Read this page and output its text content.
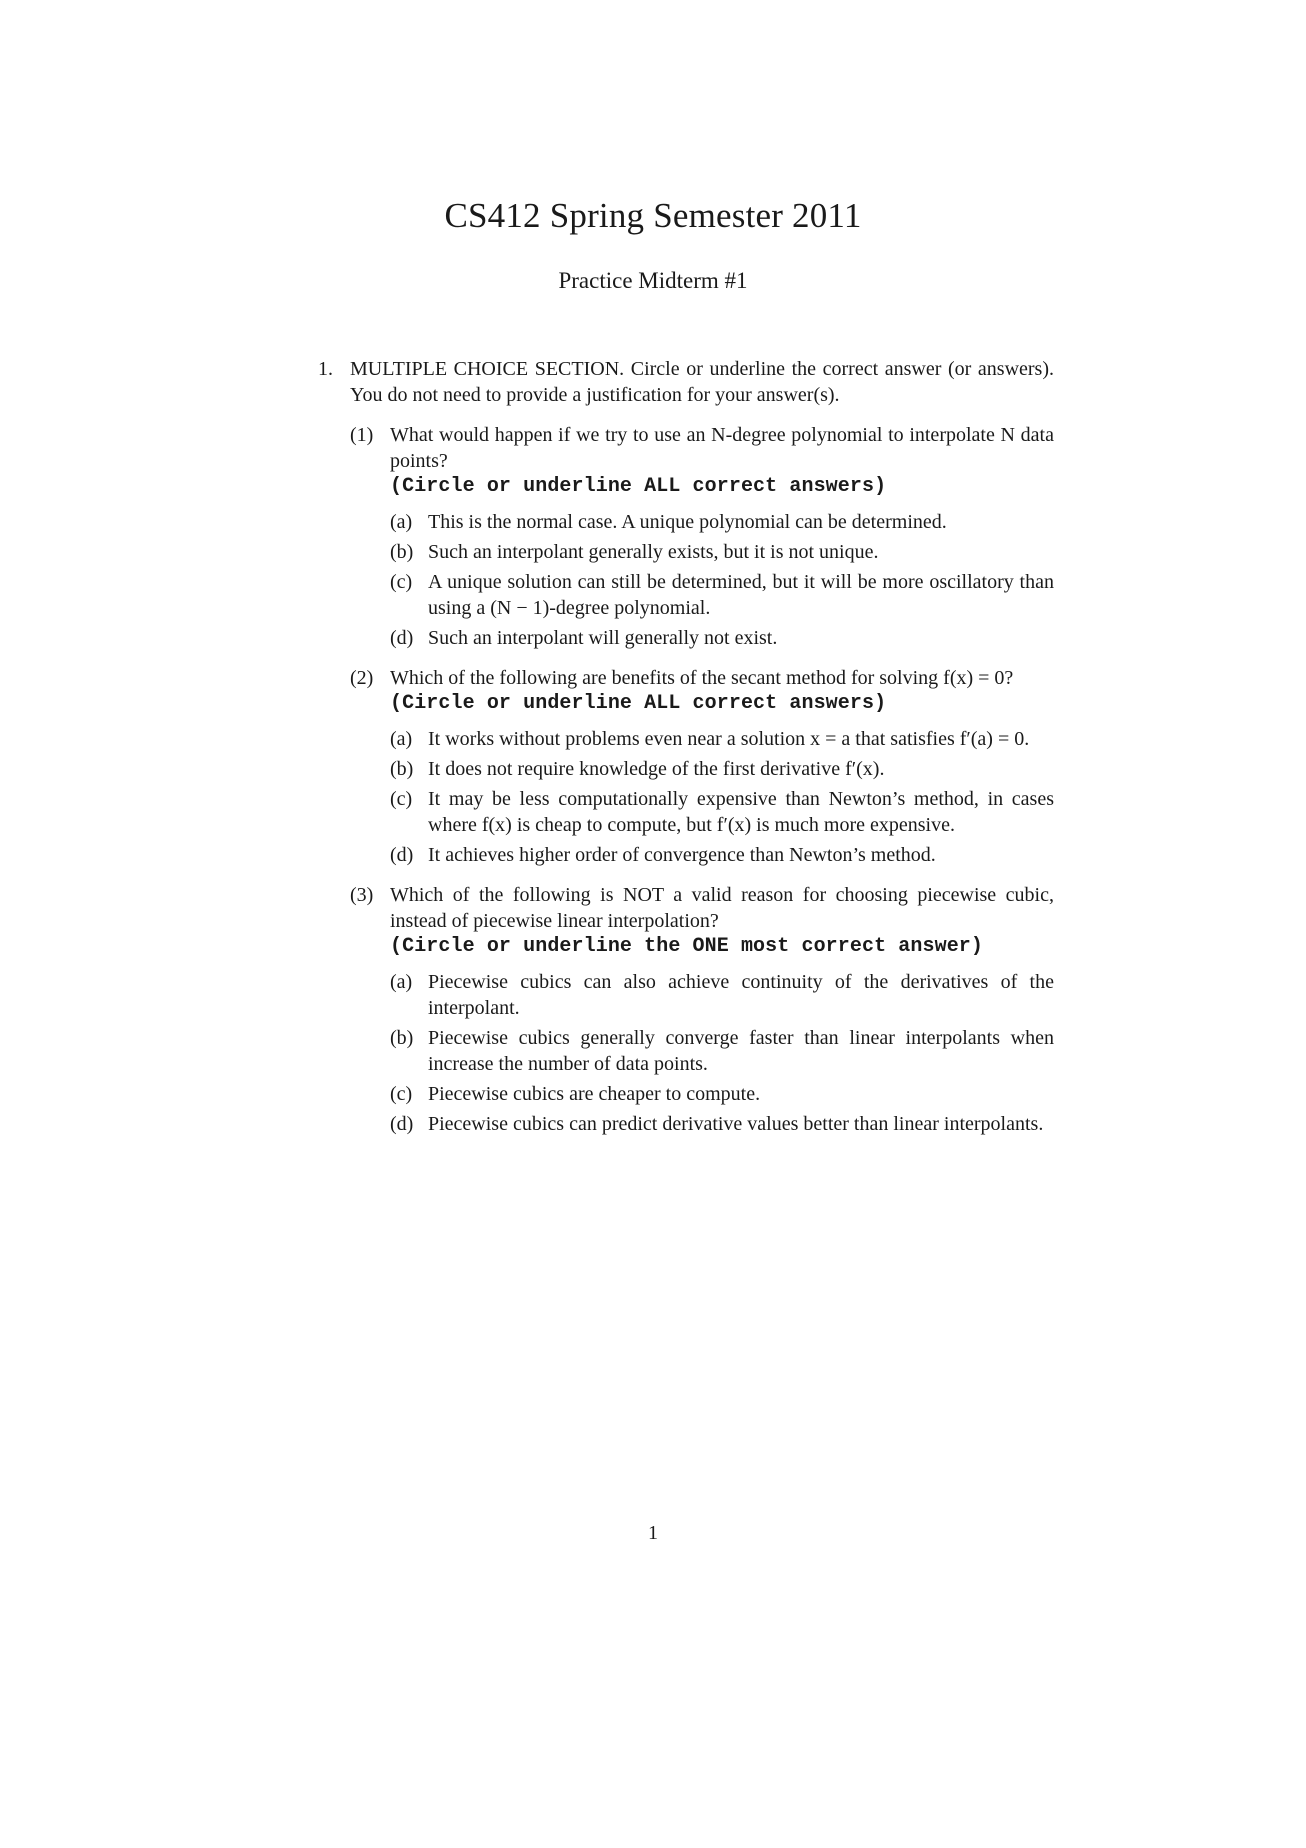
CS412 Spring Semester 2011
Practice Midterm #1
1. MULTIPLE CHOICE SECTION. Circle or underline the correct answer (or answers). You do not need to provide a justification for your answer(s).
(1) What would happen if we try to use an N-degree polynomial to interpolate N data points?
(Circle or underline ALL correct answers)
(a) This is the normal case. A unique polynomial can be determined.
(b) Such an interpolant generally exists, but it is not unique.
(c) A unique solution can still be determined, but it will be more oscillatory than using a (N − 1)-degree polynomial.
(d) Such an interpolant will generally not exist.
(2) Which of the following are benefits of the secant method for solving f(x) = 0?
(Circle or underline ALL correct answers)
(a) It works without problems even near a solution x = a that satisfies f′(a) = 0.
(b) It does not require knowledge of the first derivative f′(x).
(c) It may be less computationally expensive than Newton’s method, in cases where f(x) is cheap to compute, but f′(x) is much more expensive.
(d) It achieves higher order of convergence than Newton’s method.
(3) Which of the following is NOT a valid reason for choosing piecewise cubic, instead of piecewise linear interpolation?
(Circle or underline the ONE most correct answer)
(a) Piecewise cubics can also achieve continuity of the derivatives of the interpolant.
(b) Piecewise cubics generally converge faster than linear interpolants when increase the number of data points.
(c) Piecewise cubics are cheaper to compute.
(d) Piecewise cubics can predict derivative values better than linear interpolants.
1
